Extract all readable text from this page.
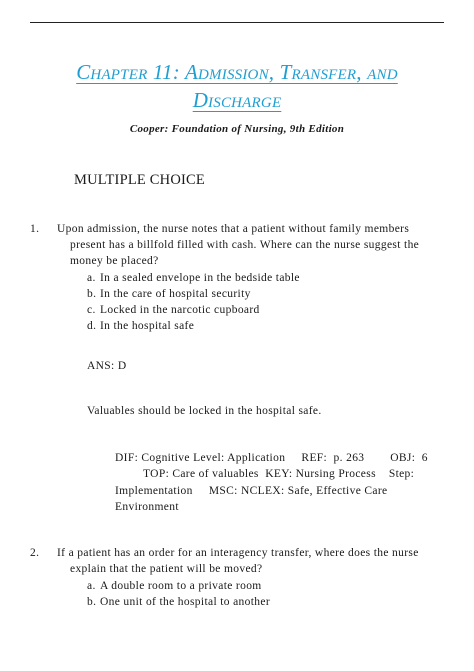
Chapter 11: Admission, Transfer, and
Discharge
Cooper: Foundation of Nursing, 9th Edition
MULTIPLE CHOICE
1. Upon admission, the nurse notes that a patient without family members
present has a billfold filled with cash. Where can the nurse suggest the
money be placed?
a. In a sealed envelope in the bedside table
b. In the care of hospital security
c. Locked in the narcotic cupboard
d. In the hospital safe
ANS: D
Valuables should be locked in the hospital safe.
DIF: Cognitive Level: Application     REF:  p. 263        OBJ:  6
TOP: Care of valuables  KEY: Nursing Process    Step:
Implementation     MSC: NCLEX: Safe, Effective Care
Environment
2. If a patient has an order for an interagency transfer, where does the nurse
explain that the patient will be moved?
a. A double room to a private room
b. One unit of the hospital to another
